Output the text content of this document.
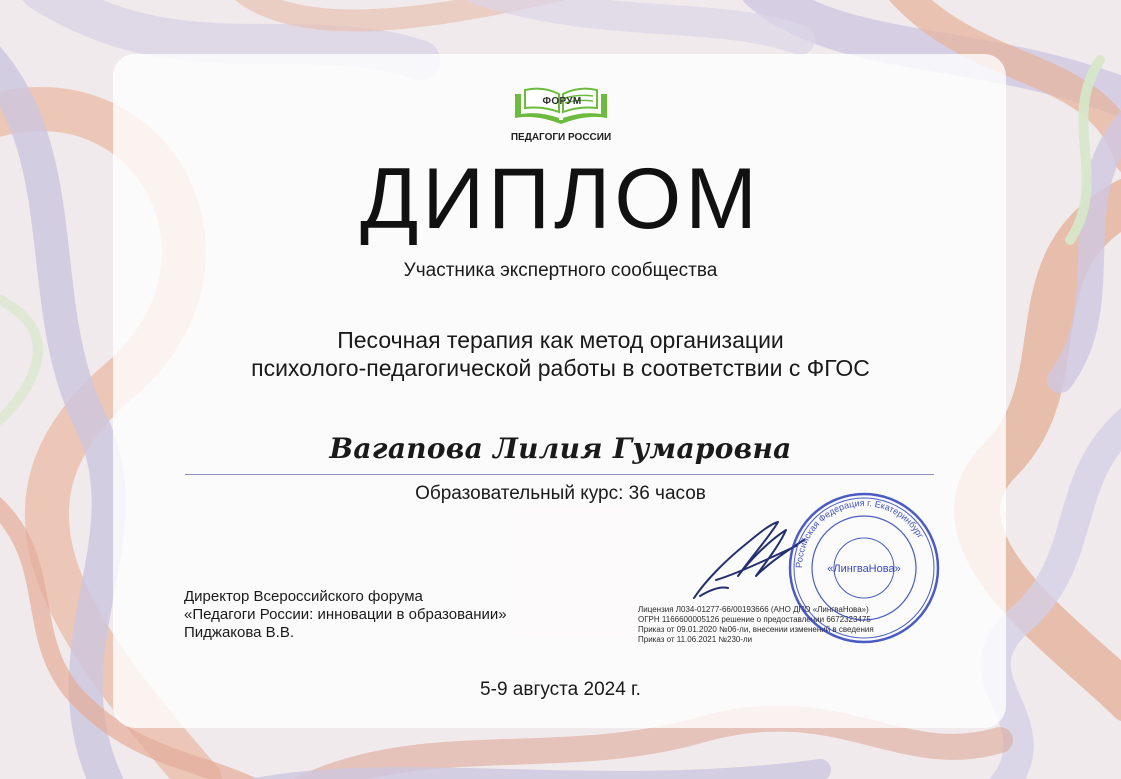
ФОРУМ
ПЕДАГОГИ РОССИИ
ДИПЛОМ
Участника экспертного сообщества
Песочная терапия как метод организации
психолого-педагогической работы в соответствии с ФГОС
Вагапова Лилия Гумаровна
Образовательный курс: 36 часов
Директор Всероссийского форума
«Педагоги России: инновации в образовании»
Пиджакова В.В.
Лицензия Л034-01277-66/00193666 (АНО ДПО «ЛингваНова»)
ОГРН 1166600005126 решение о предоставлении 6672323475
Приказ от 09.01.2020 №06-ли, внесении изменений в сведения
Приказ от 11.06.2021 №230-ли
Российская Федерация г. Екатеринбург
«ЛингваНова»
5-9 августа 2024 г.
